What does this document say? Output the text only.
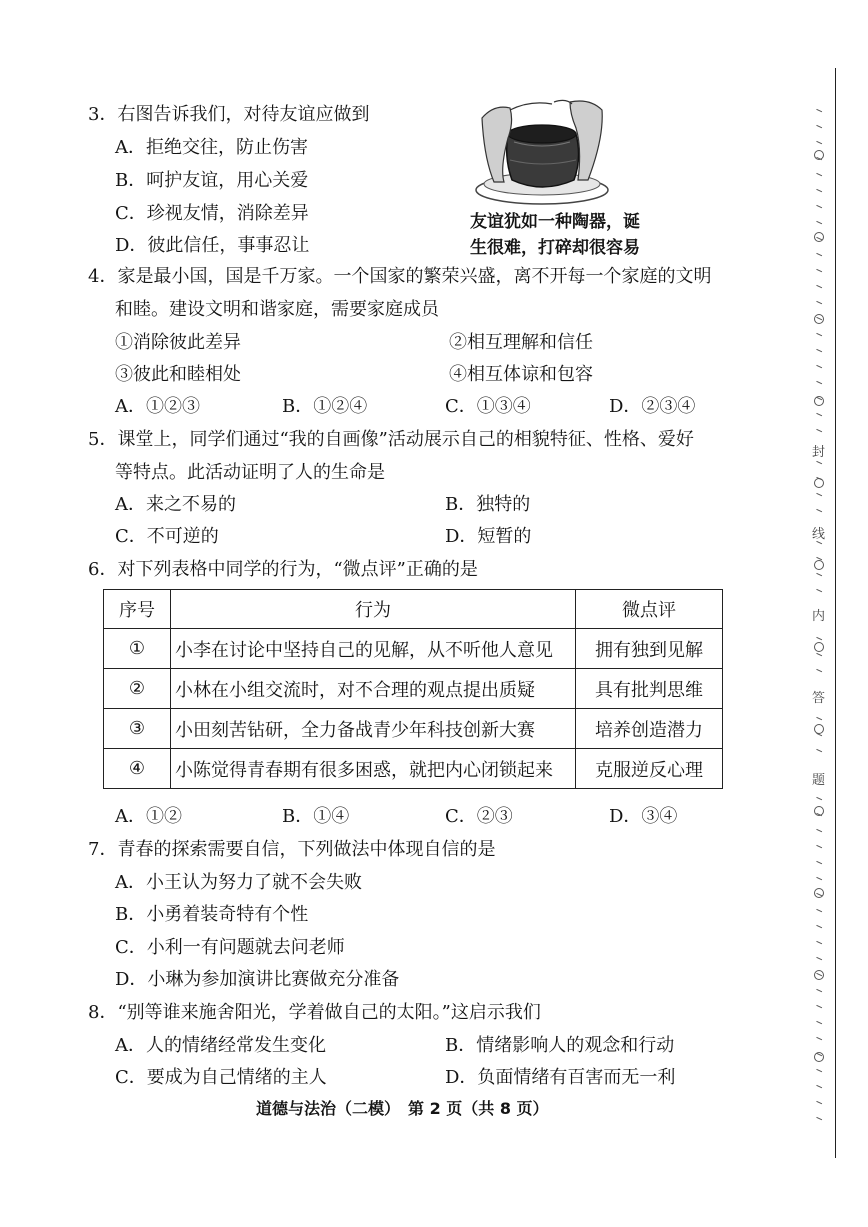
3．右图告诉我们，对待友谊应做到
A．拒绝交往，防止伤害
B．呵护友谊，用心关爱
C．珍视友情，消除差异
D．彼此信任，事事忍让
友谊犹如一种陶器，诞
生很难，打碎却很容易
4．家是最小国，国是千万家。一个国家的繁荣兴盛，离不开每一个家庭的文明
和睦。建设文明和谐家庭，需要家庭成员
①消除彼此差异	②相互理解和信任
③彼此和睦相处	④相互体谅和包容
A．①②③	B．①②④	C．①③④	D．②③④
5．课堂上，同学们通过“我的自画像”活动展示自己的相貌特征、性格、爱好
等特点。此活动证明了人的生命是
A．来之不易的	B．独特的
C．不可逆的	D．短暂的
6．对下列表格中同学的行为，“微点评”正确的是
序号	行为	微点评
①	小李在讨论中坚持自己的见解，从不听他人意见	拥有独到见解
②	小林在小组交流时，对不合理的观点提出质疑	具有批判思维
③	小田刻苦钻研，全力备战青少年科技创新大赛	培养创造潜力
④	小陈觉得青春期有很多困惑，就把内心闭锁起来	克服逆反心理
A．①②	B．①④	C．②③	D．③④
7．青春的探索需要自信，下列做法中体现自信的是
A．小王认为努力了就不会失败
B．小勇着装奇特有个性
C．小利一有问题就去问老师
D．小琳为参加演讲比赛做充分准备
8．“别等谁来施舍阳光，学着做自己的太阳。”这启示我们
A．人的情绪经常发生变化	B．情绪影响人的观念和行动
C．要成为自己情绪的主人	D．负面情绪有百害而无一利
道德与法治（二模）　第 2 页（共 8 页）
封
线
内
答
题
